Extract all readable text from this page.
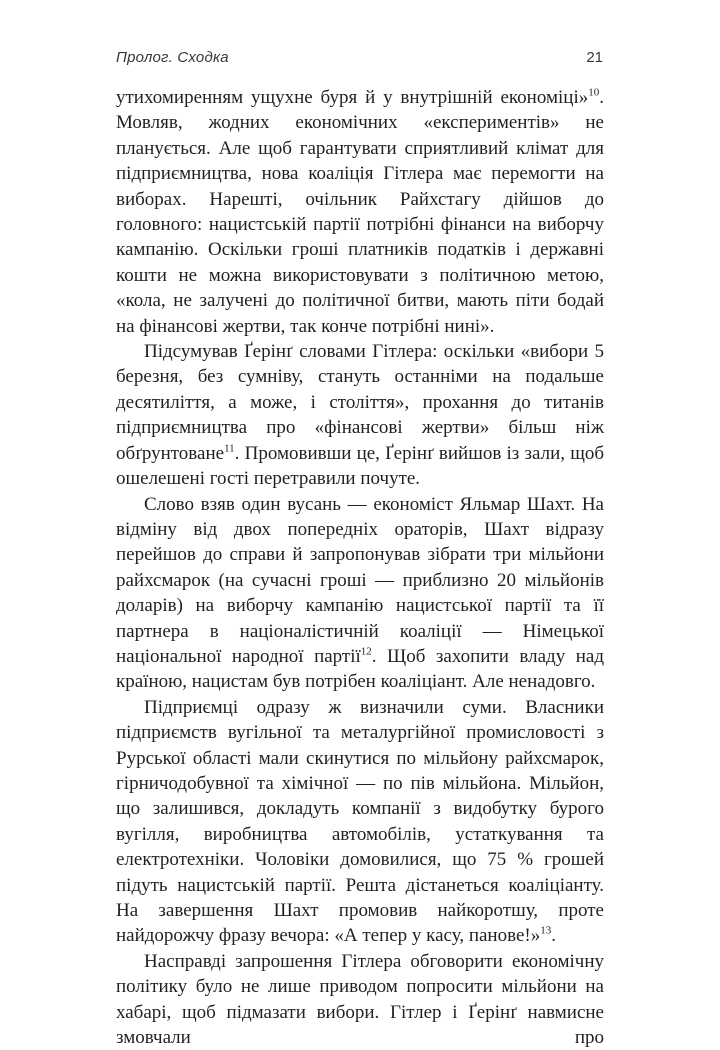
Пролог. Сходка	21

утихомиренням ущухне буря й у внутрішній економіці»$^{10}$. Мовляв, жодних економічних «експериментів» не планується. Але щоб гарантувати сприятливий клімат для підприємництва, нова коаліція Гітлера має перемогти на виборах. Нарешті, очільник Райхстагу дійшов до головного: нацистській партії потрібні фінанси на виборчу кампанію. Оскільки гроші платників податків і державні кошти не можна використовувати з політичною метою, «кола, не залучені до політичної битви, мають піти бодай на фінансові жертви, так конче потрібні нині».

Підсумував Ґерінґ словами Гітлера: оскільки «вибори 5 березня, без сумніву, стануть останніми на подальше десятиліття, а може, і століття», прохання до титанів підприємництва про «фінансові жертви» більш ніж обґрунтоване$^{11}$. Промовивши це, Ґерінґ вийшов із зали, щоб ошелешені гості перетравили почуте.

Слово взяв один вусань — економіст Яльмар Шахт. На відміну від двох попередніх ораторів, Шахт відразу перейшов до справи й запропонував зібрати три мільйони райхсмарок (на сучасні гроші — приблизно 20 мільйонів доларів) на виборчу кампанію нацистської партії та її партнера в націоналістичній коаліції — Німецької національної народної партії$^{12}$. Щоб захопити владу над країною, нацистам був потрібен коаліціант. Але ненадовго.

Підприємці одразу ж визначили суми. Власники підприємств вугільної та металургійної промисловості з Рурської області мали скинутися по мільйону райхсмарок, гірничодобувної та хімічної — по пів мільйона. Мільйон, що залишився, докладуть компанії з видобутку бурого вугілля, виробництва автомобілів, устаткування та електротехніки. Чоловіки домовилися, що 75 % грошей підуть нацистській партії. Решта дістанеться коаліціанту. На завершення Шахт промовив найкоротшу, проте найдорожчу фразу вечора: «А тепер у касу, панове!»$^{13}$.

Насправді запрошення Гітлера обговорити економічну політику було не лише приводом попросити мільйони на хабарі, щоб підмазати вибори. Гітлер і Ґерінґ навмисне змовчали про
